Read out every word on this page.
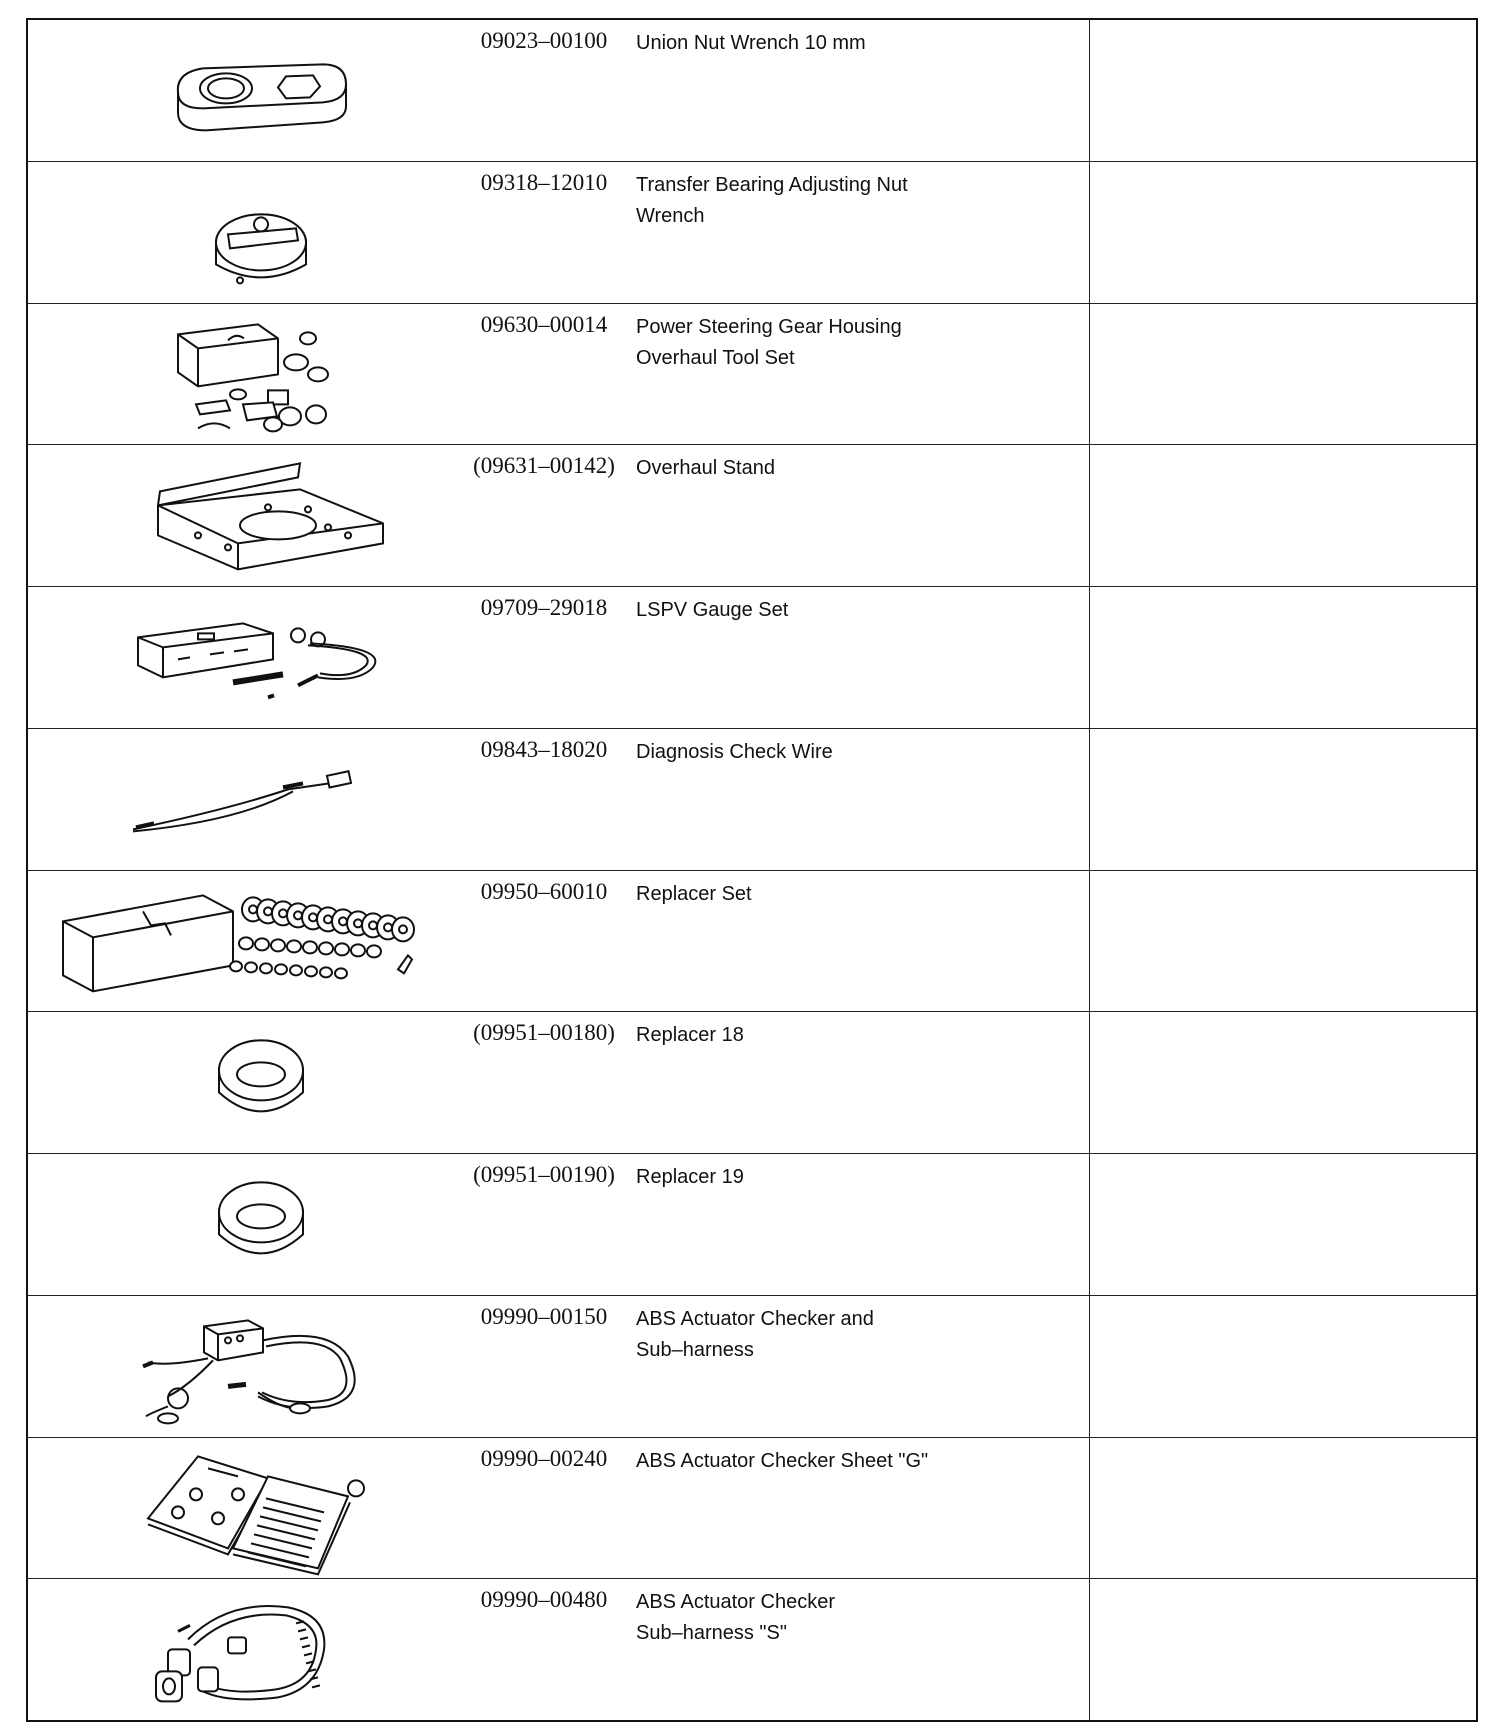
09023–00100	Union Nut Wrench 10 mm
09318–12010	Transfer Bearing Adjusting Nut
Wrench
09630–00014	Power Steering Gear Housing
Overhaul Tool Set
(09631–00142)	Overhaul Stand
09709–29018	LSPV Gauge Set
09843–18020	Diagnosis Check Wire
09950–60010	Replacer Set
(09951–00180)	Replacer 18
(09951–00190)	Replacer 19
09990–00150	ABS Actuator Checker and
Sub–harness
09990–00240	ABS Actuator Checker Sheet "G"
09990–00480	ABS Actuator Checker
Sub–harness "S"
